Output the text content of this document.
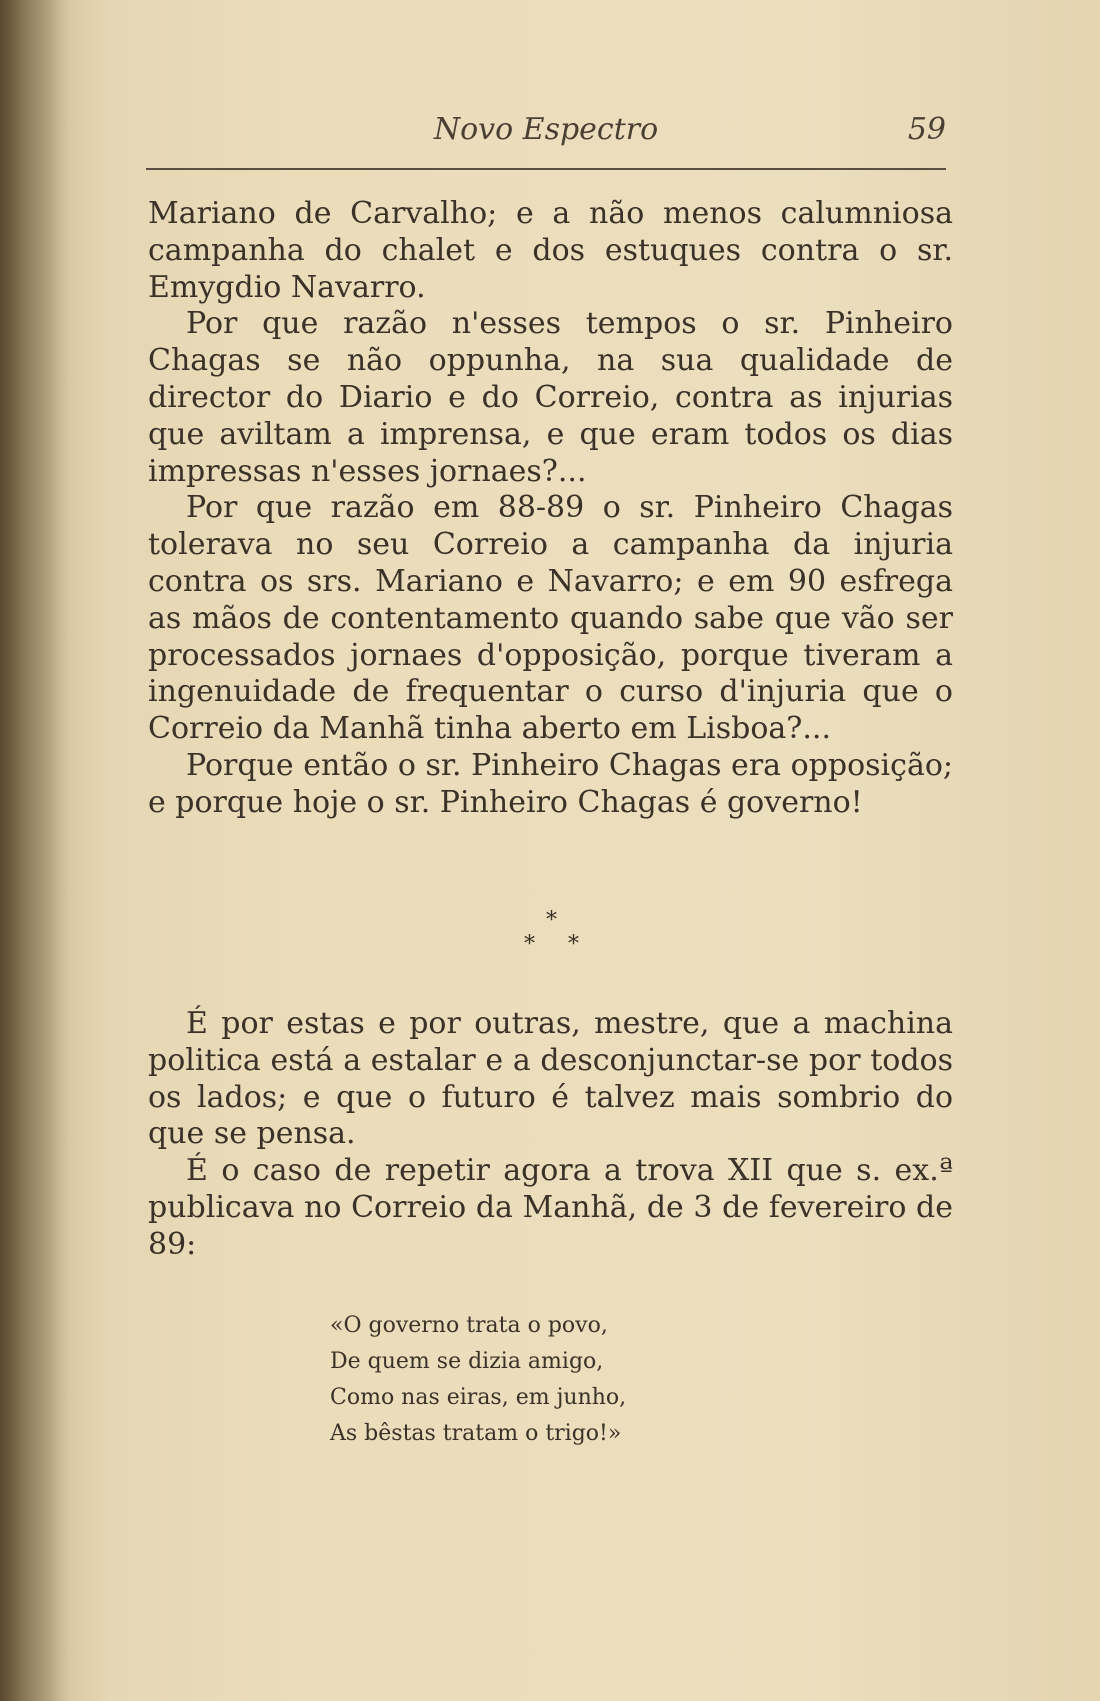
Novo Espectro	59

Mariano de Carvalho; e a não menos calumniosa campanha do chalet e dos estuques contra o sr. Emygdio Navarro.

Por que razão n'esses tempos o sr. Pinheiro Chagas se não oppunha, na sua qualidade de director do Diario e do Correio, contra as injurias que aviltam a imprensa, e que eram todos os dias impressas n'esses jornaes?...

Por que razão em 88-89 o sr. Pinheiro Chagas tolerava no seu Correio a campanha da injuria contra os srs. Mariano e Navarro; e em 90 esfrega as mãos de contentamento quando sabe que vão ser processados jornaes d'opposição, porque tiveram a ingenuidade de frequentar o curso d'injuria que o Correio da Manhã tinha aberto em Lisboa?...

Porque então o sr. Pinheiro Chagas era opposição; e porque hoje o sr. Pinheiro Chagas é governo!

*
* *

É por estas e por outras, mestre, que a machina politica está a estalar e a desconjunctar-se por todos os lados; e que o futuro é talvez mais sombrio do que se pensa.

É o caso de repetir agora a trova XII que s. ex.ª publicava no Correio da Manhã, de 3 de fevereiro de 89:

«O governo trata o povo,
De quem se dizia amigo,
Como nas eiras, em junho,
As bêstas tratam o trigo!»
